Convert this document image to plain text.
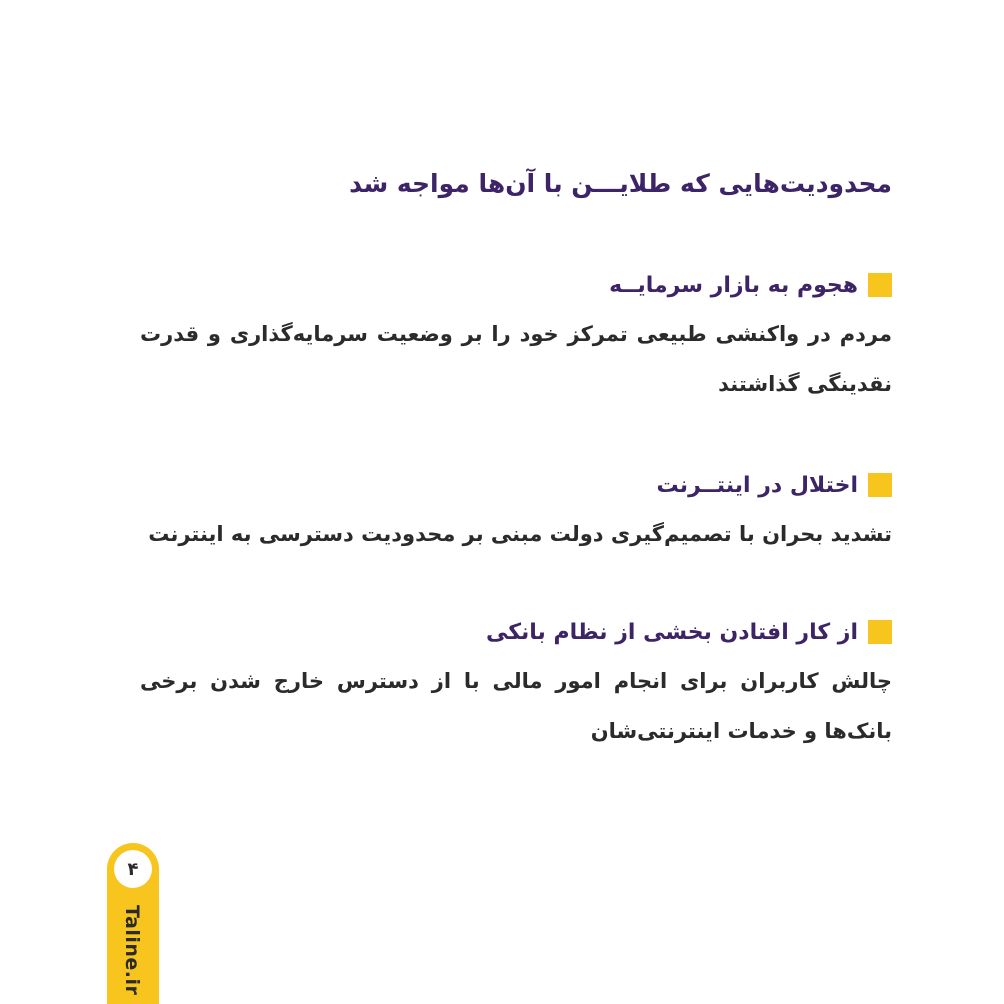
محدودیت‌هایی که طلایـــن با آن‌ها مواجه شد
هجوم به بازار سرمایــه
مردم در واکنشی طبیعی تمرکز خود را بر وضعیت سرمایه‌گذاری و قدرت نقدینگی گذاشتند
اختلال در اینتــرنت
تشدید بحران با تصمیم‌گیری دولت مبنی بر محدودیت دسترسی به اینترنت
از کار افتادن بخشی از نظام بانکی
چالش کاربران برای انجام امور مالی با از دسترس خارج شدن برخی بانک‌ها و خدمات اینترنتی‌شان
۴
Taline.ir
